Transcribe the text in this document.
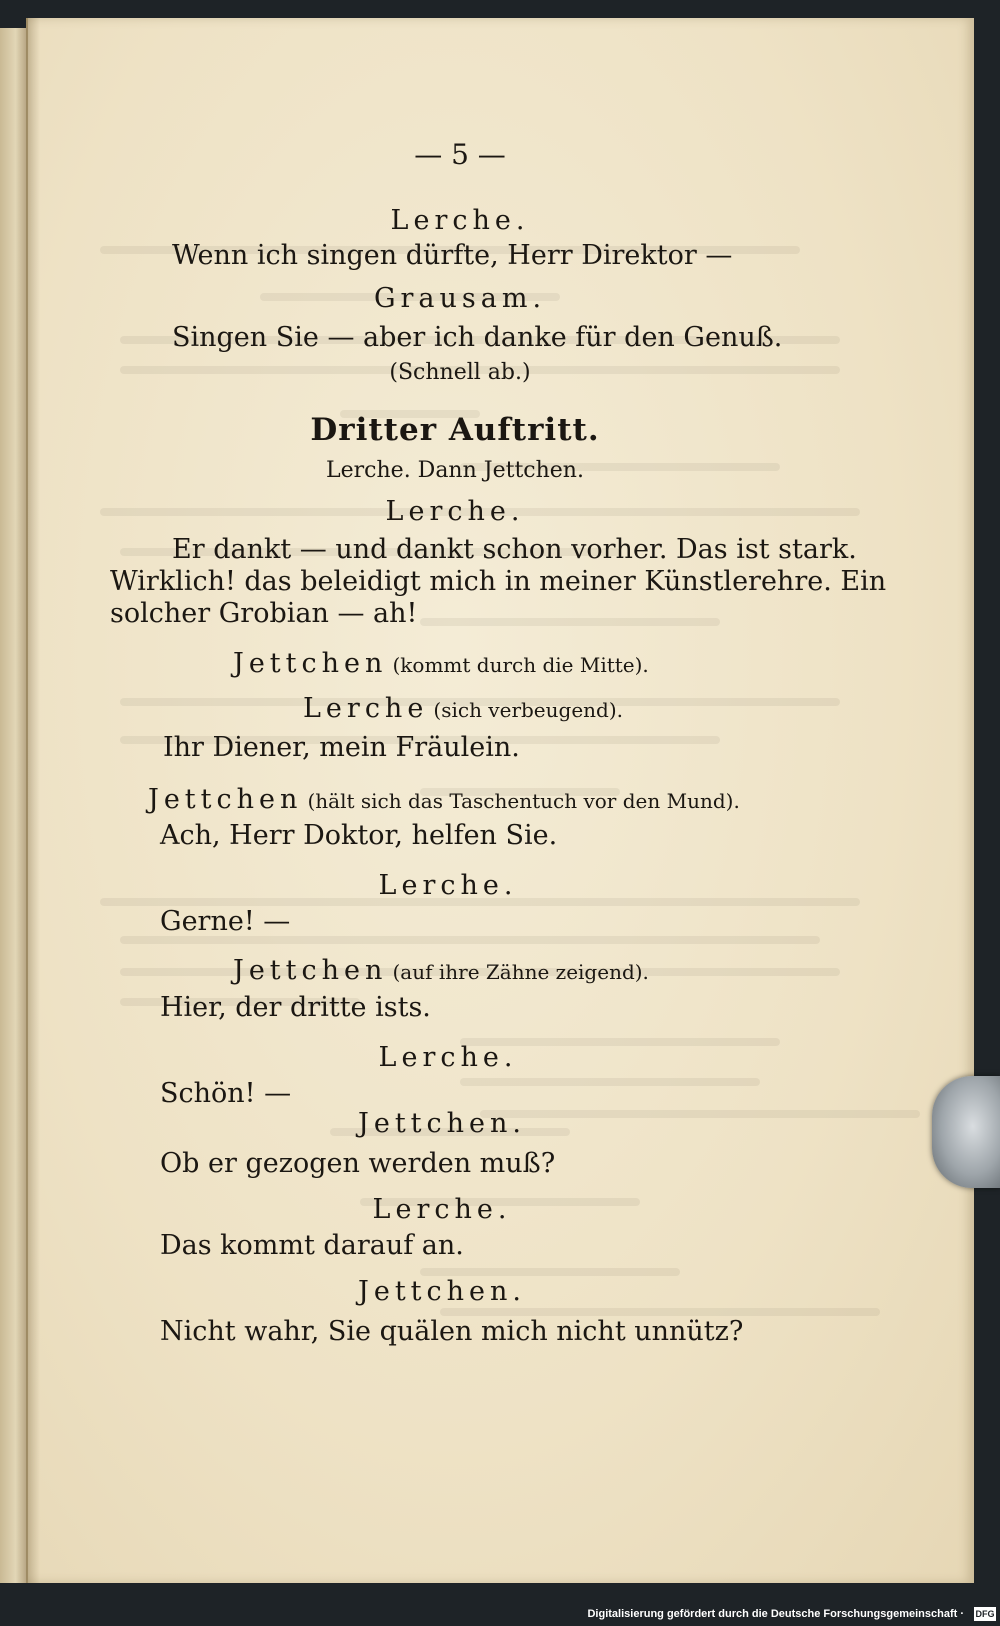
— 5 —
Lerche.
Wenn ich singen dürfte, Herr Direktor —
Grausam.
Singen Sie — aber ich danke für den Genuß.
(Schnell ab.)
Dritter Auftritt.
Lerche. Dann Jettchen.
Lerche.
Er dankt — und dankt schon vorher. Das ist stark.
Wirklich! das beleidigt mich in meiner Künstlerehre. Ein
solcher Grobian — ah!
Jettchen (kommt durch die Mitte).
Lerche (sich verbeugend).
Ihr Diener, mein Fräulein.
Jettchen (hält sich das Taschentuch vor den Mund).
Ach, Herr Doktor, helfen Sie.
Lerche.
Gerne! —
Jettchen (auf ihre Zähne zeigend).
Hier, der dritte ists.
Lerche.
Schön! —
Jettchen.
Ob er gezogen werden muß?
Lerche.
Das kommt darauf an.
Jettchen.
Nicht wahr, Sie quälen mich nicht unnütz?
Digitalisierung gefördert durch die Deutsche Forschungsgemeinschaft ·	DFG
